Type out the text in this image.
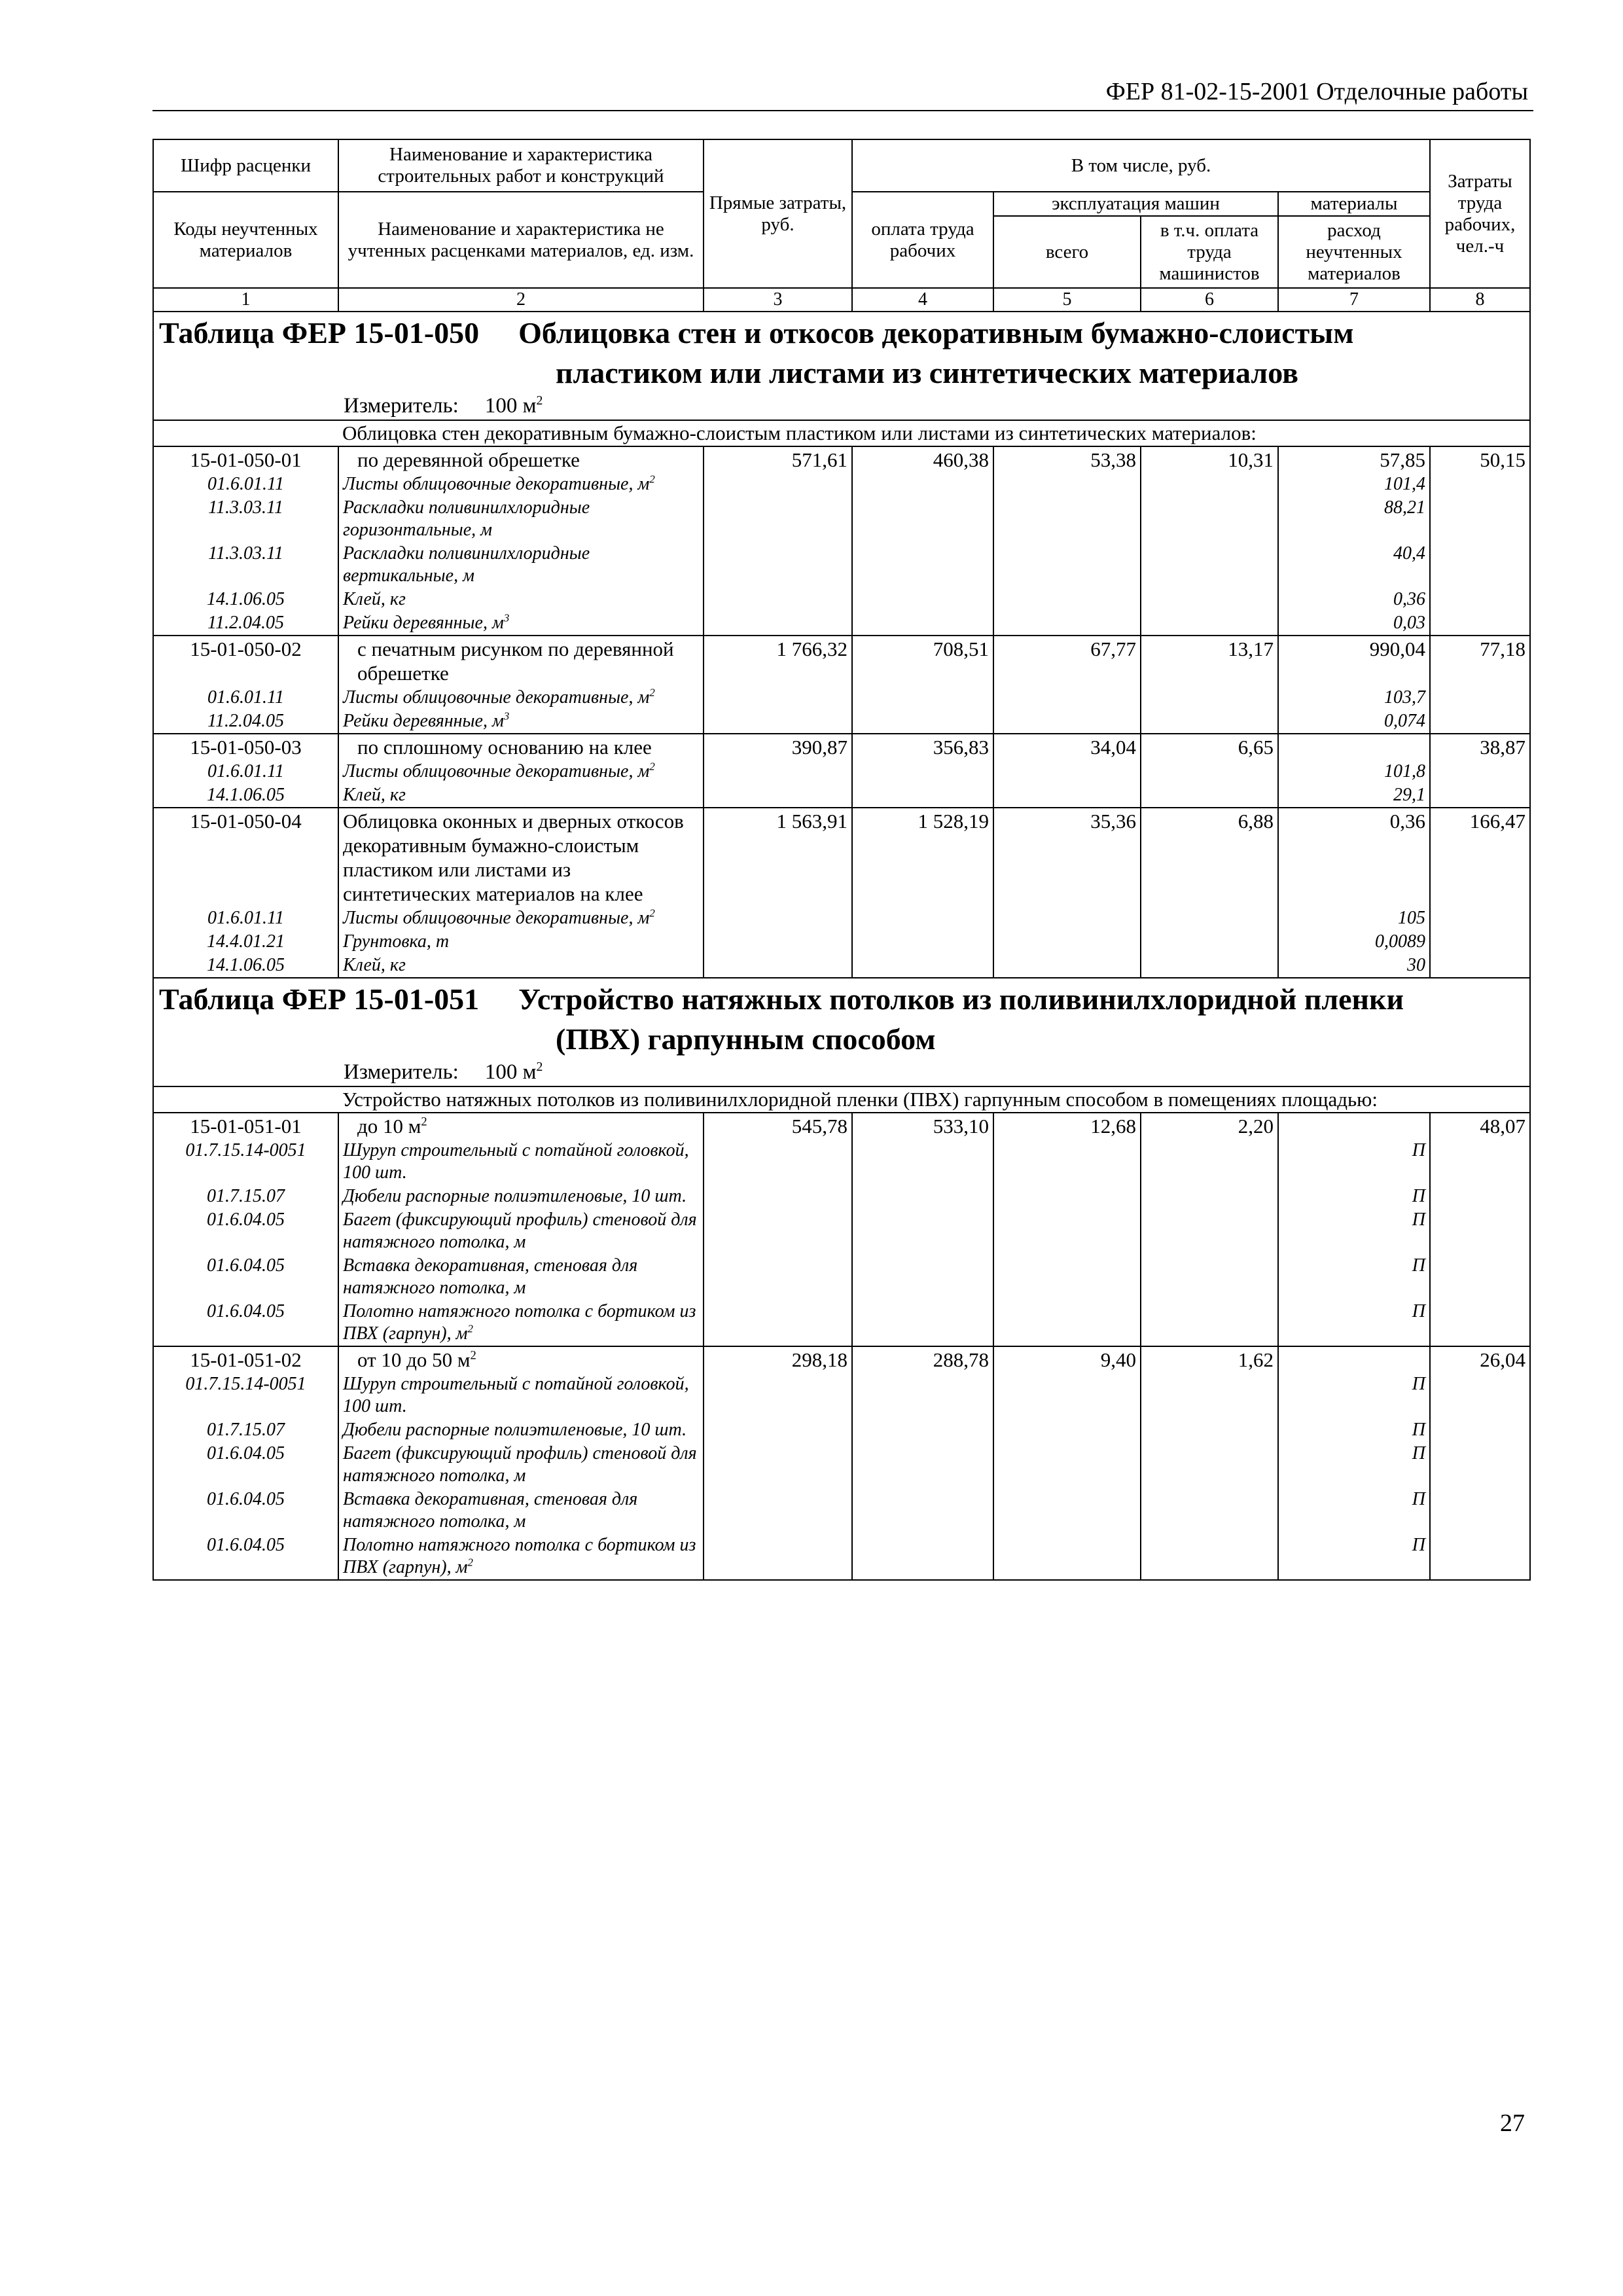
ФЕР 81-02-15-2001 Отделочные работы
Шифр расценки	Наименование и характеристика строительных работ и конструкций	Прямые затраты, руб.	В том числе, руб.				Затраты труда рабочих, чел.-ч
Коды неучтенных материалов	Наименование и характеристика не учтенных расценками материалов, ед. изм.		оплата труда рабочих	эксплуатация машин		материалы	
				всего	в т.ч. оплата труда машинистов	расход неучтенных материалов	
1	2	3	4	5	6	7	8
Таблица ФЕР 15-01-050 Облицовка стен и откосов декоративным бумажно-слоистым							
пластиком или листами из синтетических материалов							
Измеритель: 100 $м^2$
	Облицовка стен декоративным бумажно-слоистым пластиком или листами из синтетических материалов:						
15-01-050-01	по деревянной обрешетке	571,61	460,38	53,38	10,31	57,85	50,15
01.6.01.11	Листы облицовочные декоративные, $м^2$					101,4	
11.3.03.11	Раскладки поливинилхлоридные горизонтальные, м					88,21	
11.3.03.11	Раскладки поливинилхлоридные вертикальные, м					40,4	
14.1.06.05	Клей, кг					0,36	
11.2.04.05	Рейки деревянные, $м^3$					0,03	
15-01-050-02	с печатным рисунком по деревянной обрешетке	1 766,32	708,51	67,77	13,17	990,04	77,18
01.6.01.11	Листы облицовочные декоративные, $м^2$					103,7	
11.2.04.05	Рейки деревянные, $м^3$					0,074	
15-01-050-03	по сплошному основанию на клее	390,87	356,83	34,04	6,65		38,87
01.6.01.11	Листы облицовочные декоративные, $м^2$					101,8	
14.1.06.05	Клей, кг					29,1	
15-01-050-04	Облицовка оконных и дверных откосов декоративным бумажно-слоистым пластиком или листами из синтетических материалов на клее	1 563,91	1 528,19	35,36	6,88	0,36	166,47
01.6.01.11	Листы облицовочные декоративные, $м^2$					105	
14.4.01.21	Грунтовка, т					0,0089	
14.1.06.05	Клей, кг					30	
Таблица ФЕР 15-01-051 Устройство натяжных потолков из поливинилхлоридной пленки							
(ПВХ) гарпунным способом							
Измеритель: 100 $м^2$
	Устройство натяжных потолков из поливинилхлоридной пленки (ПВХ) гарпунным способом в помещениях площадью:						
15-01-051-01	до 10 $м^2$	545,78	533,10	12,68	2,20		48,07
01.7.15.14-0051	Шуруп строительный с потайной головкой, 100 шт.					П	
01.7.15.07	Дюбели распорные полиэтиленовые, 10 шт.					П	
01.6.04.05	Багет (фиксирующий профиль) стеновой для натяжного потолка, м					П	
01.6.04.05	Вставка декоративная, стеновая для натяжного потолка, м					П	
01.6.04.05	Полотно натяжного потолка с бортиком из ПВХ (гарпун), $м^2$					П	
15-01-051-02	от 10 до 50 $м^2$	298,18	288,78	9,40	1,62		26,04
01.7.15.14-0051	Шуруп строительный с потайной головкой, 100 шт.					П	
01.7.15.07	Дюбели распорные полиэтиленовые, 10 шт.					П	
01.6.04.05	Багет (фиксирующий профиль) стеновой для натяжного потолка, м					П	
01.6.04.05	Вставка декоративная, стеновая для натяжного потолка, м					П	
01.6.04.05	Полотно натяжного потолка с бортиком из ПВХ (гарпун), $м^2$					П	
27
